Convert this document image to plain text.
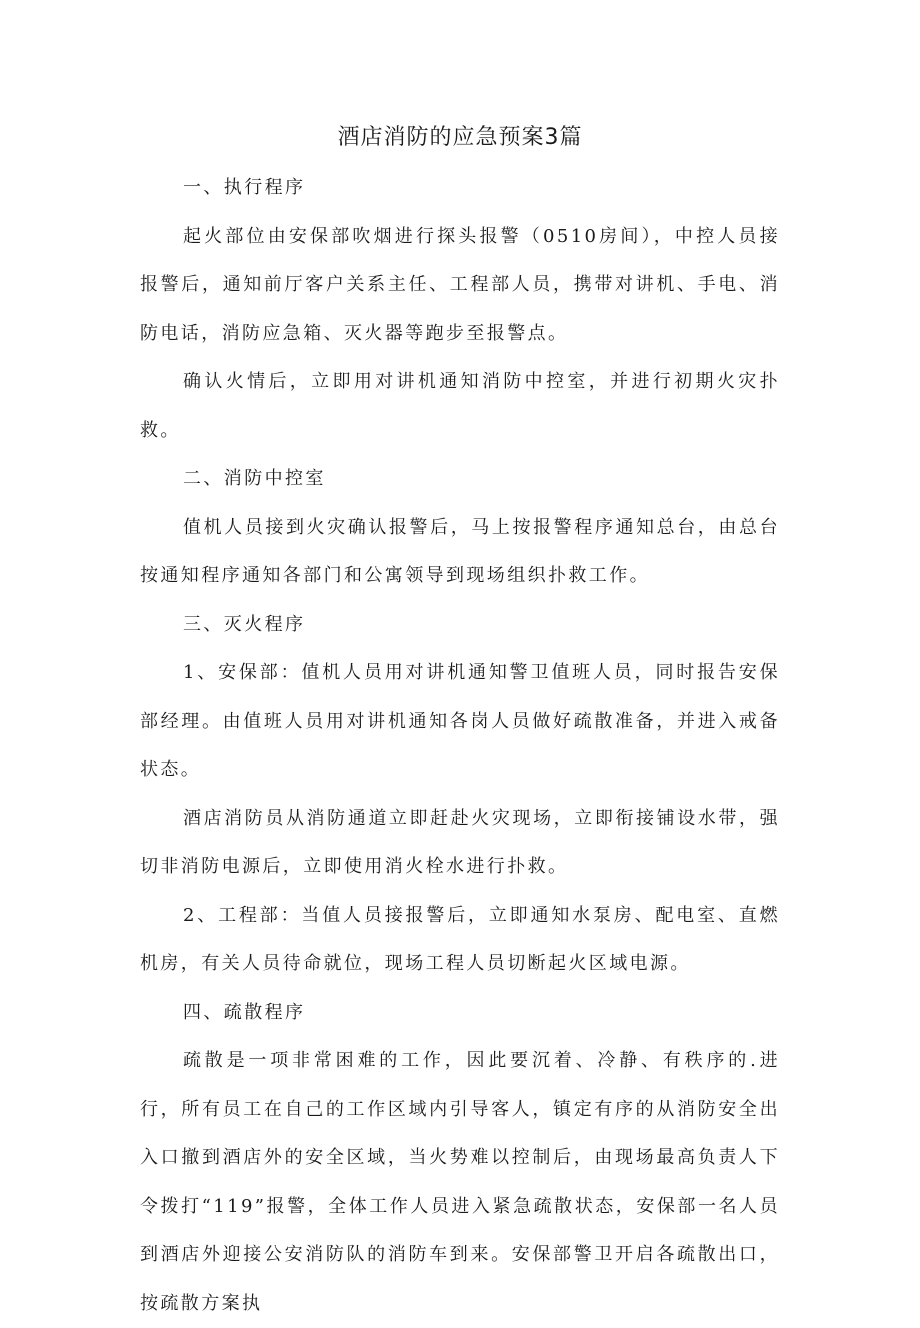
酒店消防的应急预案3篇

一、执行程序

起火部位由安保部吹烟进行探头报警（0510房间），中控人员接报警后，通知前厅客户关系主任、工程部人员，携带对讲机、手电、消防电话，消防应急箱、灭火器等跑步至报警点。

确认火情后，立即用对讲机通知消防中控室，并进行初期火灾扑救。

二、消防中控室

值机人员接到火灾确认报警后，马上按报警程序通知总台，由总台按通知程序通知各部门和公寓领导到现场组织扑救工作。

三、灭火程序

1、安保部：值机人员用对讲机通知警卫值班人员，同时报告安保部经理。由值班人员用对讲机通知各岗人员做好疏散准备，并进入戒备状态。

酒店消防员从消防通道立即赶赴火灾现场，立即衔接铺设水带，强切非消防电源后，立即使用消火栓水进行扑救。

2、工程部：当值人员接报警后，立即通知水泵房、配电室、直燃机房，有关人员待命就位，现场工程人员切断起火区域电源。

四、疏散程序

疏散是一项非常困难的工作，因此要沉着、冷静、有秩序的.进行，所有员工在自己的工作区域内引导客人，镇定有序的从消防安全出入口撤到酒店外的安全区域，当火势难以控制后，由现场最高负责人下令拨打“119”报警，全体工作人员进入紧急疏散状态，安保部一名人员到酒店外迎接公安消防队的消防车到来。安保部警卫开启各疏散出口，按疏散方案执
